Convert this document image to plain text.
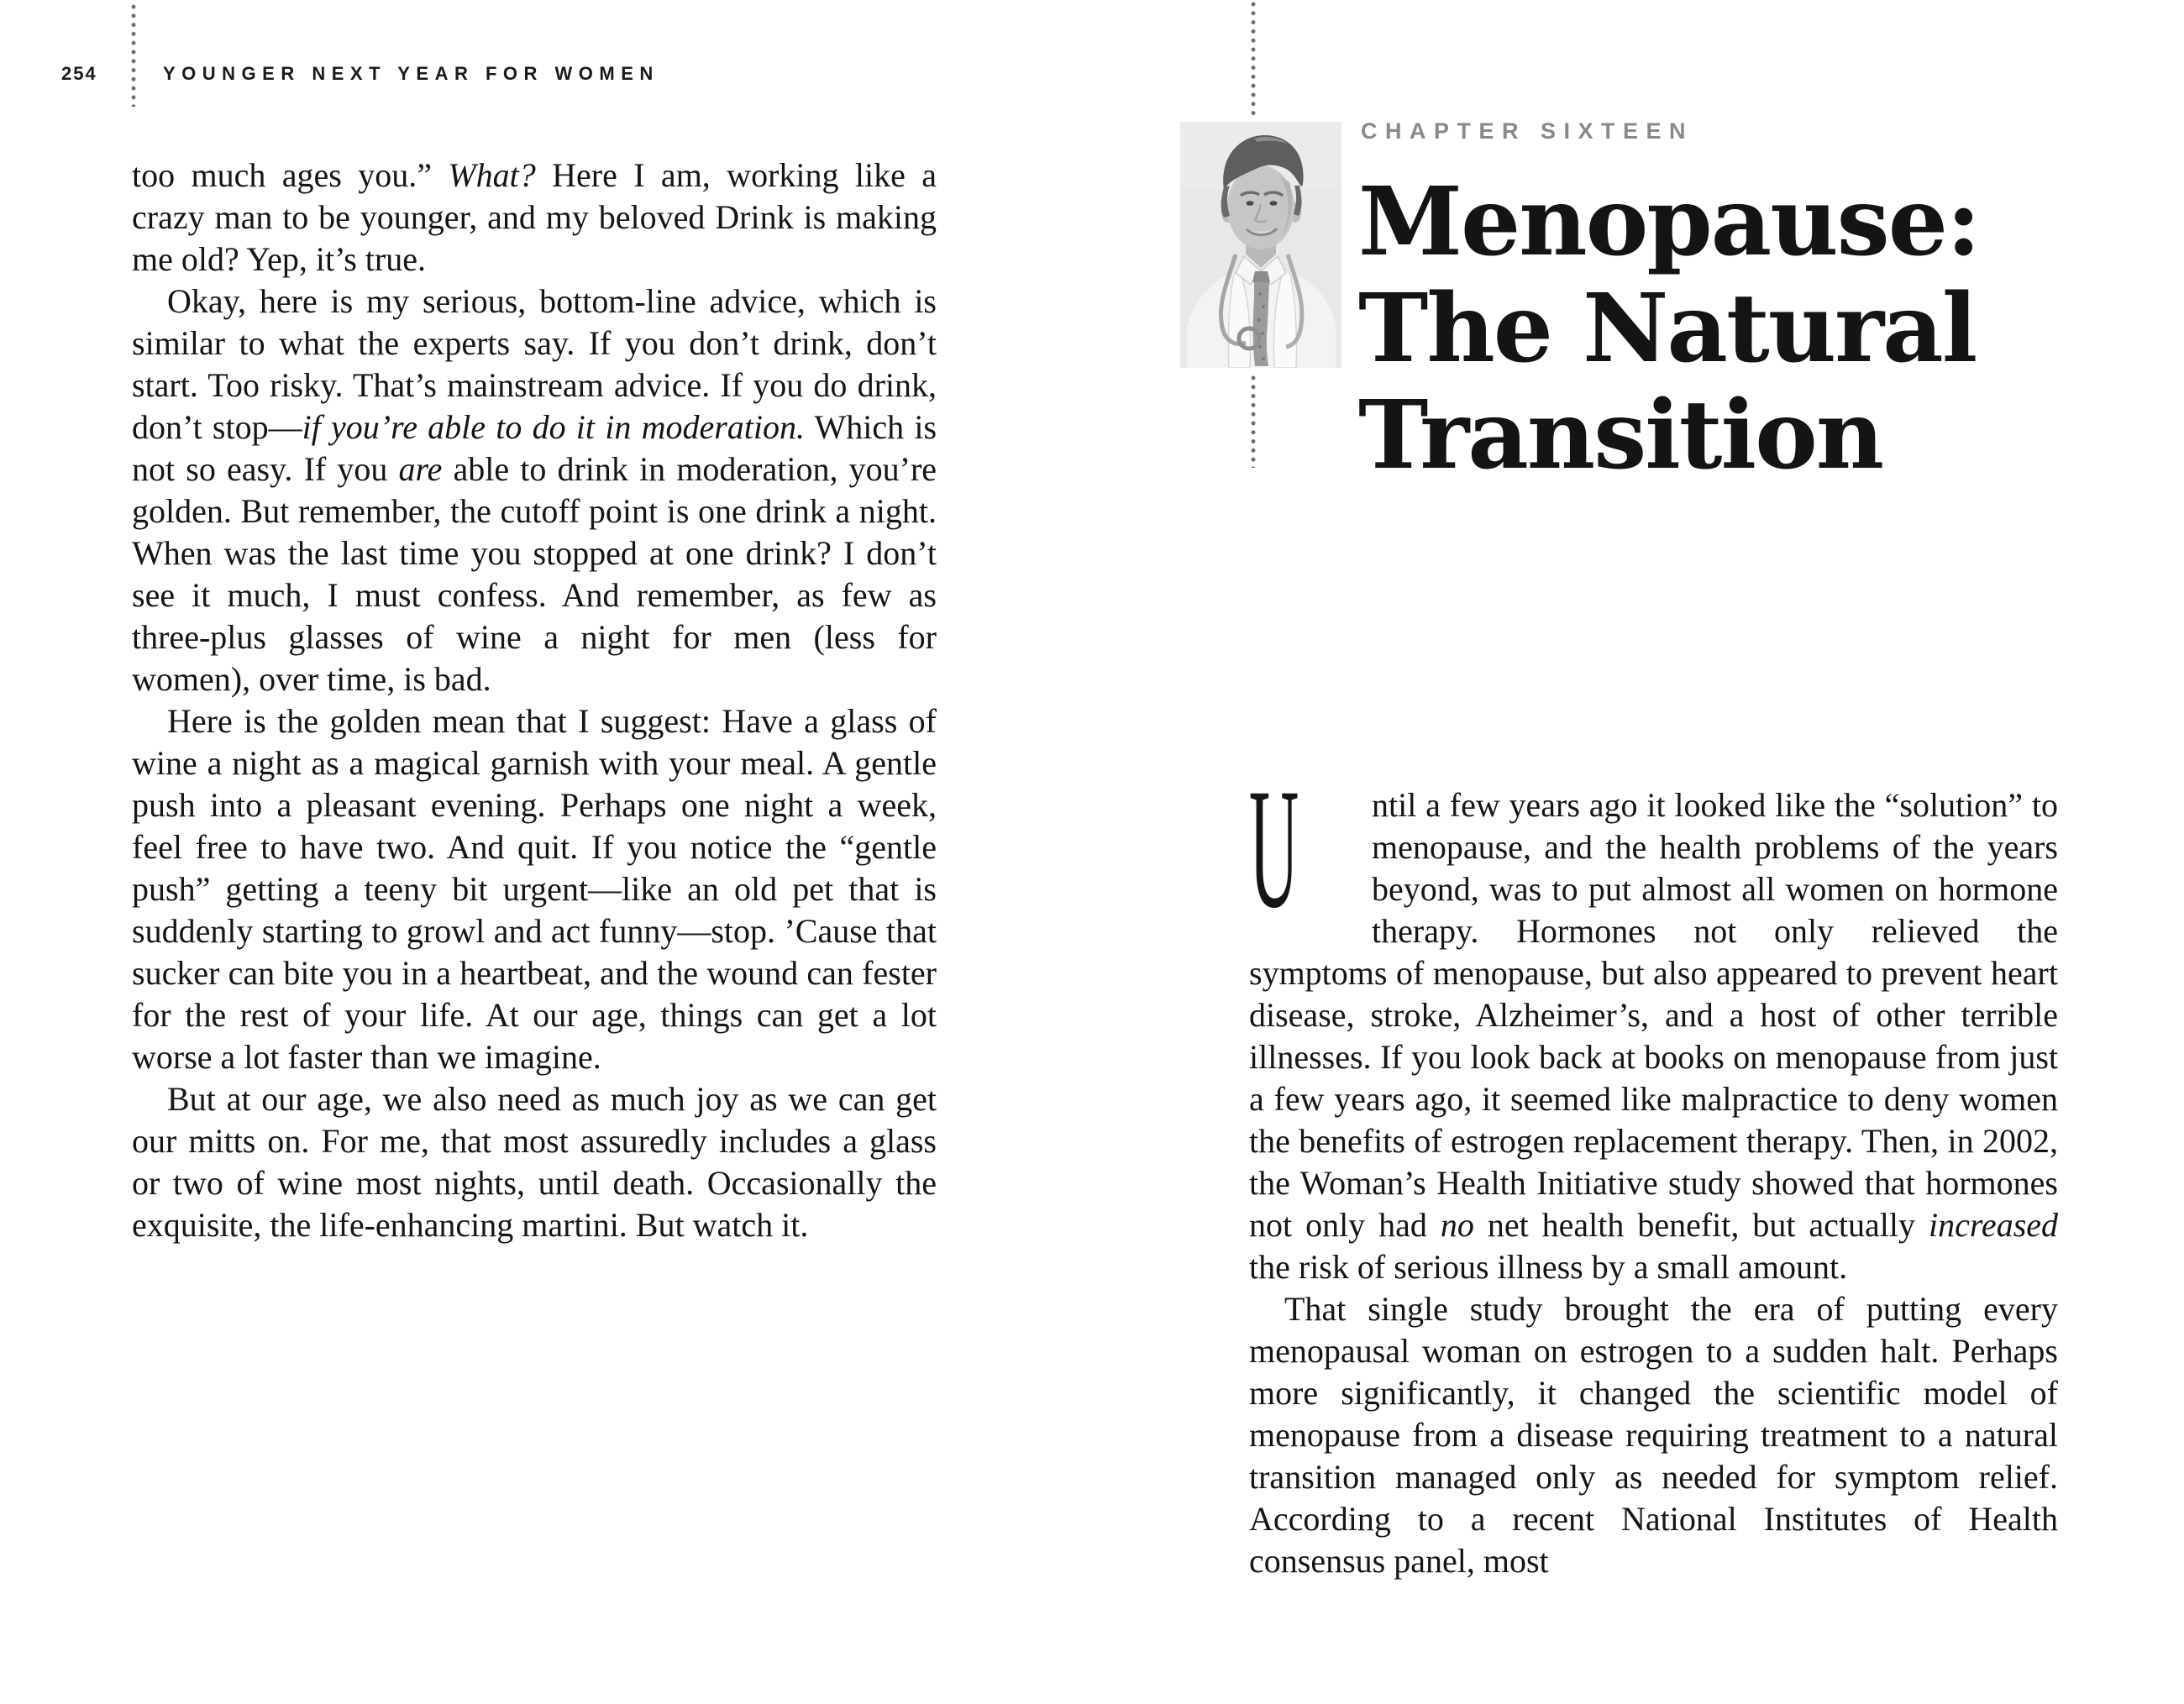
254	YOUNGER NEXT YEAR FOR WOMEN

too much ages you.” What? Here I am, working like a crazy man to be younger, and my beloved Drink is making me old? Yep, it’s true.

Okay, here is my serious, bottom-line advice, which is similar to what the experts say. If you don’t drink, don’t start. Too risky. That’s mainstream advice. If you do drink, don’t stop—if you’re able to do it in moderation. Which is not so easy. If you are able to drink in moderation, you’re golden. But remember, the cutoff point is one drink a night. When was the last time you stopped at one drink? I don’t see it much, I must confess. And remember, as few as three-plus glasses of wine a night for men (less for women), over time, is bad.

Here is the golden mean that I suggest: Have a glass of wine a night as a magical garnish with your meal. A gentle push into a pleasant evening. Perhaps one night a week, feel free to have two. And quit. If you notice the “gentle push” getting a teeny bit urgent—like an old pet that is suddenly starting to growl and act funny—stop. ’Cause that sucker can bite you in a heartbeat, and the wound can fester for the rest of your life. At our age, things can get a lot worse a lot faster than we imagine.

But at our age, we also need as much joy as we can get our mitts on. For me, that most assuredly includes a glass or two of wine most nights, until death. Occasionally the exquisite, the life-enhancing martini. But watch it.

CHAPTER SIXTEEN
Menopause:
The Natural
Transition

U ntil a few years ago it looked like the “solution” to menopause, and the health problems of the years beyond, was to put almost all women on hormone therapy. Hormones not only relieved the symptoms of menopause, but also appeared to prevent heart disease, stroke, Alzheimer’s, and a host of other terrible illnesses. If you look back at books on menopause from just a few years ago, it seemed like malpractice to deny women the benefits of estrogen replacement therapy. Then, in 2002, the Woman’s Health Initiative study showed that hormones not only had no net health benefit, but actually increased the risk of serious illness by a small amount.

That single study brought the era of putting every menopausal woman on estrogen to a sudden halt. Perhaps more significantly, it changed the scientific model of menopause from a disease requiring treatment to a natural transition managed only as needed for symptom relief. According to a recent National Institutes of Health consensus panel, most
